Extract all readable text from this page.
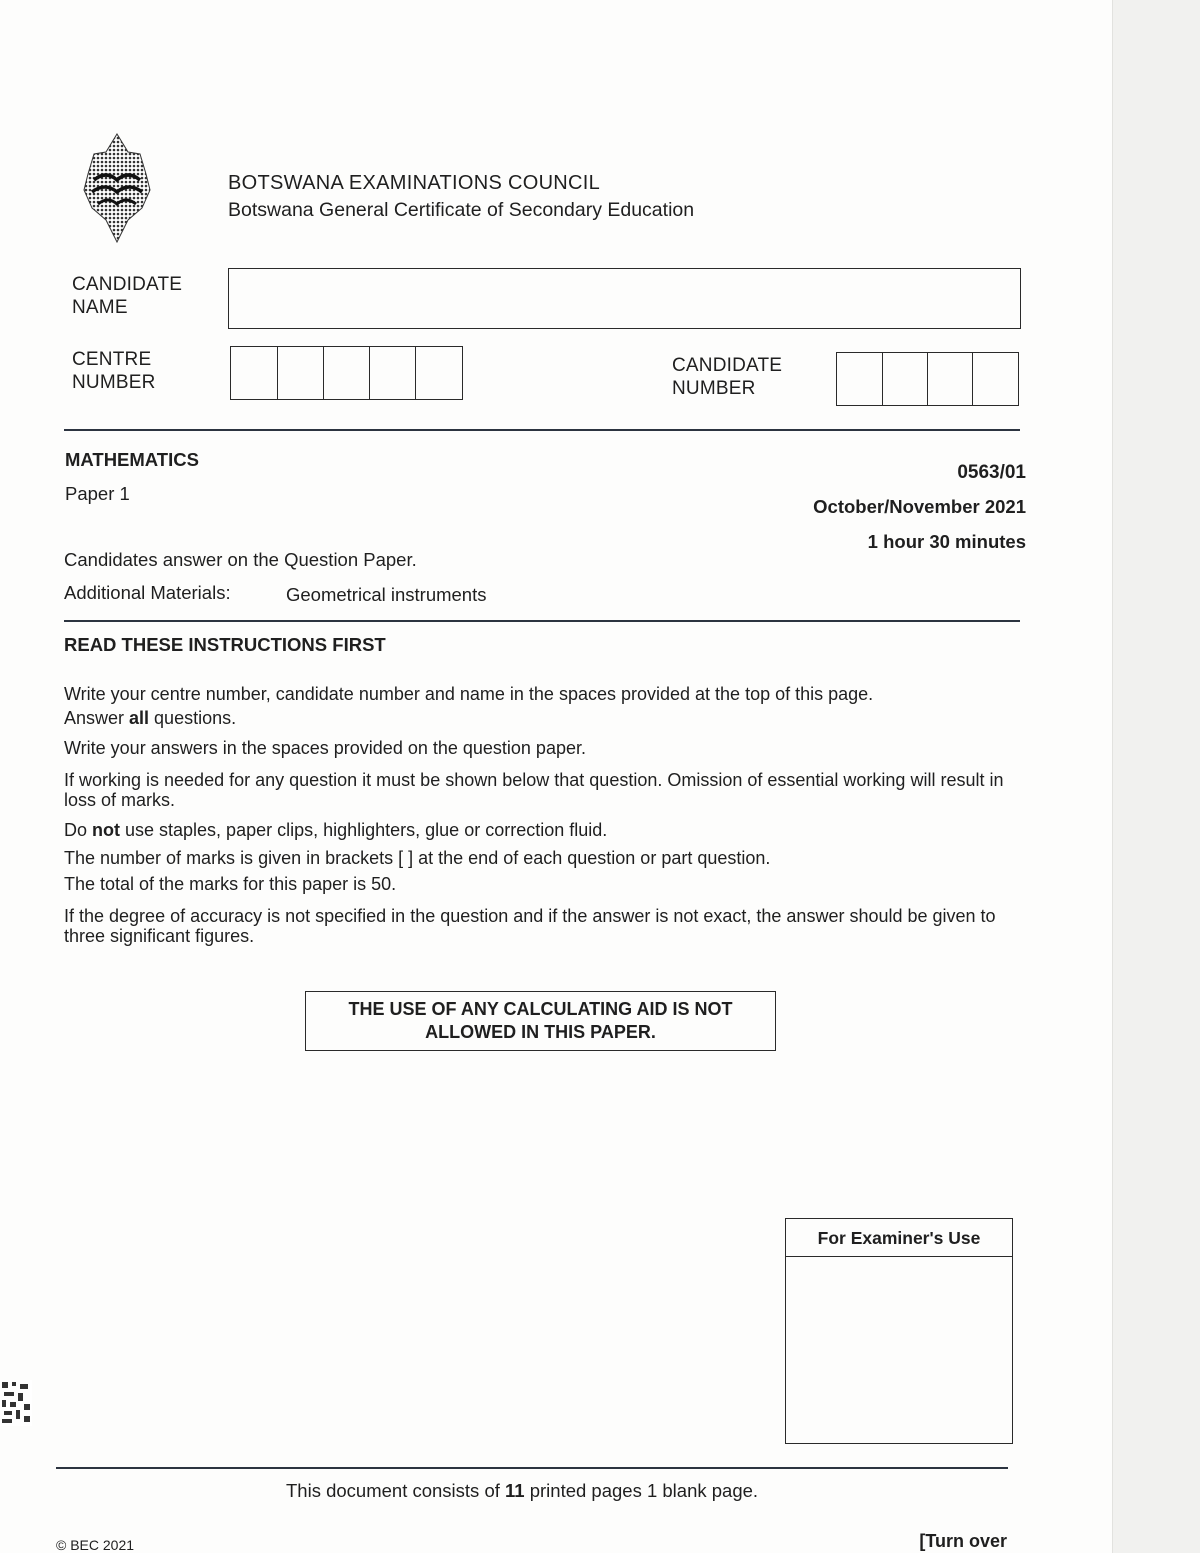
BOTSWANA EXAMINATIONS COUNCIL
Botswana General Certificate of Secondary Education
CANDIDATE
NAME
CENTRE
NUMBER
CANDIDATE
NUMBER
MATHEMATICS
Paper 1
0563/01
October/November 2021
1 hour 30 minutes
Candidates answer on the Question Paper.
Additional Materials:	Geometrical instruments
READ THESE INSTRUCTIONS FIRST
Write your centre number, candidate number and name in the spaces provided at the top of this page.
Answer all questions.
Write your answers in the spaces provided on the question paper.
If working is needed for any question it must be shown below that question. Omission of essential working will result in loss of marks.
Do not use staples, paper clips, highlighters, glue or correction fluid.
The number of marks is given in brackets [ ] at the end of each question or part question.
The total of the marks for this paper is 50.
If the degree of accuracy is not specified in the question and if the answer is not exact, the answer should be given to three significant figures.
THE USE OF ANY CALCULATING AID IS NOT
ALLOWED IN THIS PAPER.
For Examiner's Use
This document consists of 11 printed pages 1 blank page.
© BEC 2021	[Turn over
